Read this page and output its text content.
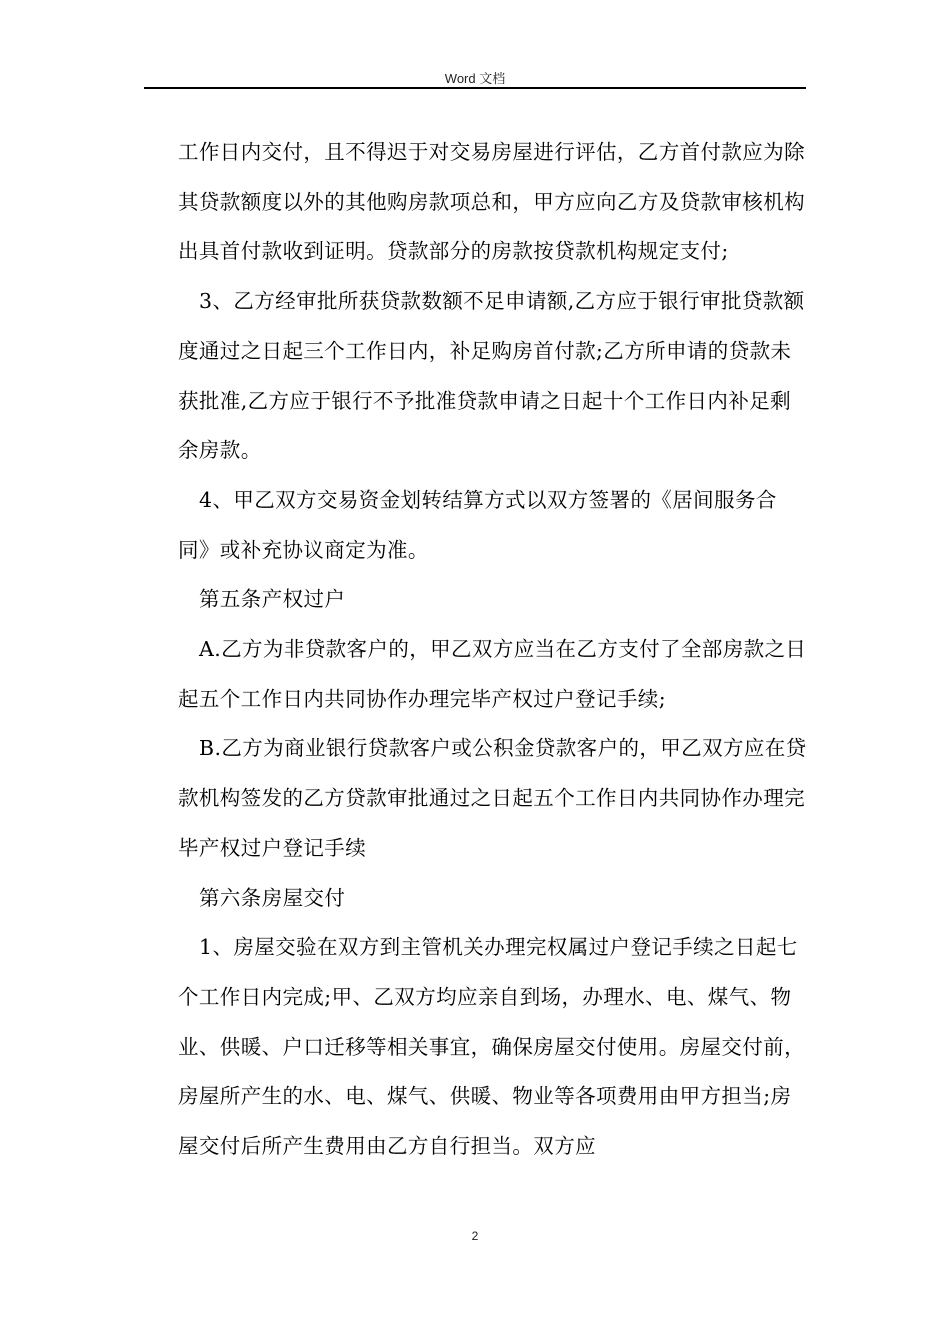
Word 文档

工作日内交付，且不得迟于对交易房屋进行评估，乙方首付款应为除其贷款额度以外的其他购房款项总和，甲方应向乙方及贷款审核机构出具首付款收到证明。贷款部分的房款按贷款机构规定支付;

3、乙方经审批所获贷款数额不足申请额,乙方应于银行审批贷款额度通过之日起三个工作日内，补足购房首付款;乙方所申请的贷款未获批准,乙方应于银行不予批准贷款申请之日起十个工作日内补足剩余房款。

4、甲乙双方交易资金划转结算方式以双方签署的《居间服务合同》或补充协议商定为准。

第五条产权过户

A.乙方为非贷款客户的，甲乙双方应当在乙方支付了全部房款之日起五个工作日内共同协作办理完毕产权过户登记手续;

B.乙方为商业银行贷款客户或公积金贷款客户的，甲乙双方应在贷款机构签发的乙方贷款审批通过之日起五个工作日内共同协作办理完毕产权过户登记手续

第六条房屋交付

1、房屋交验在双方到主管机关办理完权属过户登记手续之日起七个工作日内完成;甲、乙双方均应亲自到场，办理水、电、煤气、物业、供暖、户口迁移等相关事宜，确保房屋交付使用。房屋交付前，房屋所产生的水、电、煤气、供暖、物业等各项费用由甲方担当;房屋交付后所产生费用由乙方自行担当。双方应

2
